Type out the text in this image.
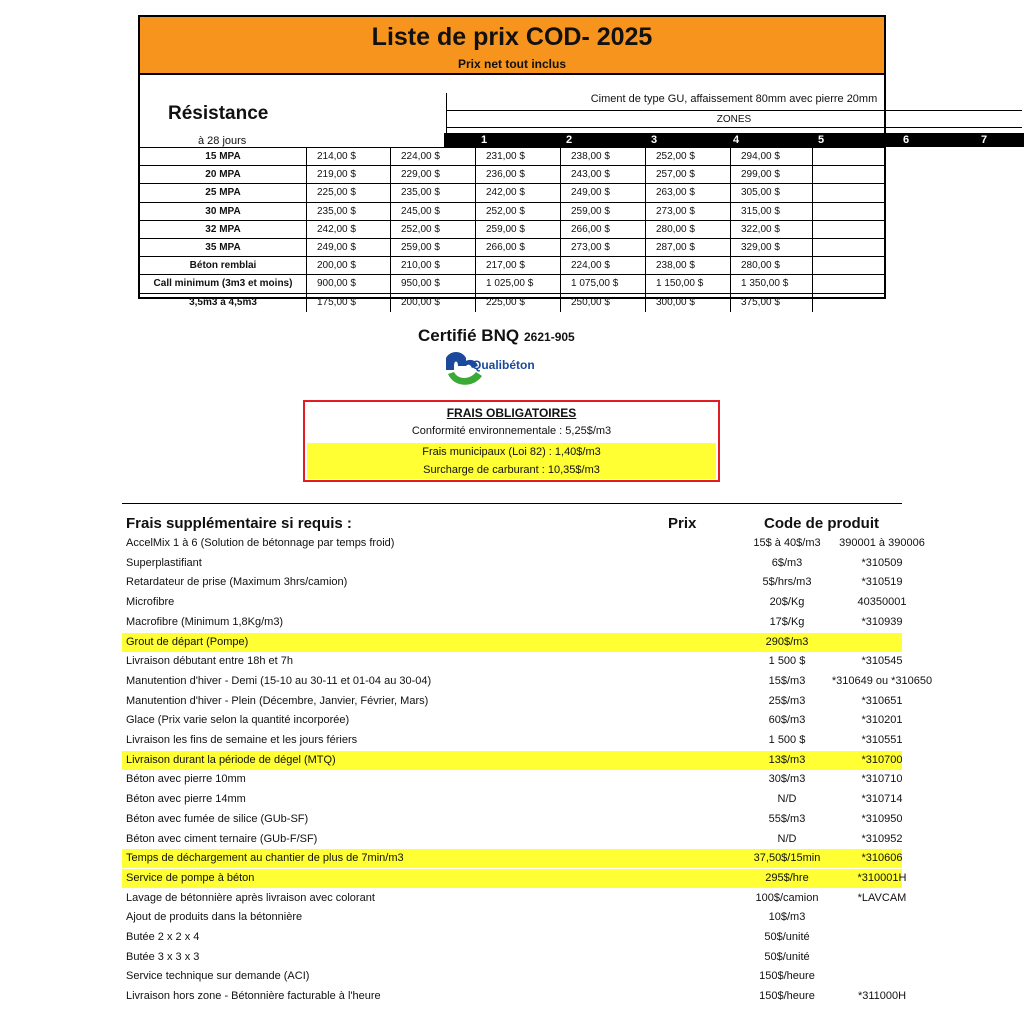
Liste de prix COD- 2025
Prix net tout inclus
Résistance
à 28 jours
Ciment de type GU, affaissement 80mm avec pierre 20mm
ZONES
1	2	3	4	5	6	7
15 MPA	214,00 $	224,00 $	231,00 $	238,00 $	252,00 $	294,00 $
20 MPA	219,00 $	229,00 $	236,00 $	243,00 $	257,00 $	299,00 $
25 MPA	225,00 $	235,00 $	242,00 $	249,00 $	263,00 $	305,00 $
30 MPA	235,00 $	245,00 $	252,00 $	259,00 $	273,00 $	315,00 $
32 MPA	242,00 $	252,00 $	259,00 $	266,00 $	280,00 $	322,00 $
35 MPA	249,00 $	259,00 $	266,00 $	273,00 $	287,00 $	329,00 $
Béton remblai	200,00 $	210,00 $	217,00 $	224,00 $	238,00 $	280,00 $
Call minimum (3m3 et moins)	900,00 $	950,00 $	1 025,00 $	1 075,00 $	1 150,00 $	1 350,00 $
3,5m3 à 4,5m3	175,00 $	200,00 $	225,00 $	250,00 $	300,00 $	375,00 $
Certifié BNQ 2621-905
Qualibéton
FRAIS OBLIGATOIRES
Conformité environnementale : 5,25$/m3
Frais municipaux (Loi 82) : 1,40$/m3
Surcharge de carburant : 10,35$/m3
Frais supplémentaire si requis :	Prix	Code de produit
AccelMix 1 à 6 (Solution de bétonnage par temps froid)	15$ à 40$/m3	390001 à 390006
Superplastifiant	6$/m3	*310509
Retardateur de prise (Maximum 3hrs/camion)	5$/hrs/m3	*310519
Microfibre	20$/Kg	40350001
Macrofibre (Minimum 1,8Kg/m3)	17$/Kg	*310939
Grout de départ (Pompe)	290$/m3
Livraison débutant entre 18h et 7h	1 500 $	*310545
Manutention d'hiver - Demi (15-10 au 30-11 et 01-04 au 30-04)	15$/m3	*310649 ou *310650
Manutention d'hiver - Plein (Décembre, Janvier, Février, Mars)	25$/m3	*310651
Glace (Prix varie selon la quantité incorporée)	60$/m3	*310201
Livraison les fins de semaine et les jours fériers	1 500 $	*310551
Livraison durant la période de dégel (MTQ)	13$/m3	*310700
Béton avec pierre 10mm	30$/m3	*310710
Béton avec pierre 14mm	N/D	*310714
Béton avec fumée de silice (GUb-SF)	55$/m3	*310950
Béton avec ciment ternaire (GUb-F/SF)	N/D	*310952
Temps de déchargement au chantier de plus de 7min/m3	37,50$/15min	*310606
Service de pompe à béton	295$/hre	*310001H
Lavage de bétonnière après livraison avec colorant	100$/camion	*LAVCAM
Ajout de produits dans la bétonnière	10$/m3
Butée 2 x 2 x 4	50$/unité
Butée 3 x 3 x 3	50$/unité
Service technique sur demande (ACI)	150$/heure
Livraison hors zone - Bétonnière facturable à l'heure	150$/heure	*311000H
